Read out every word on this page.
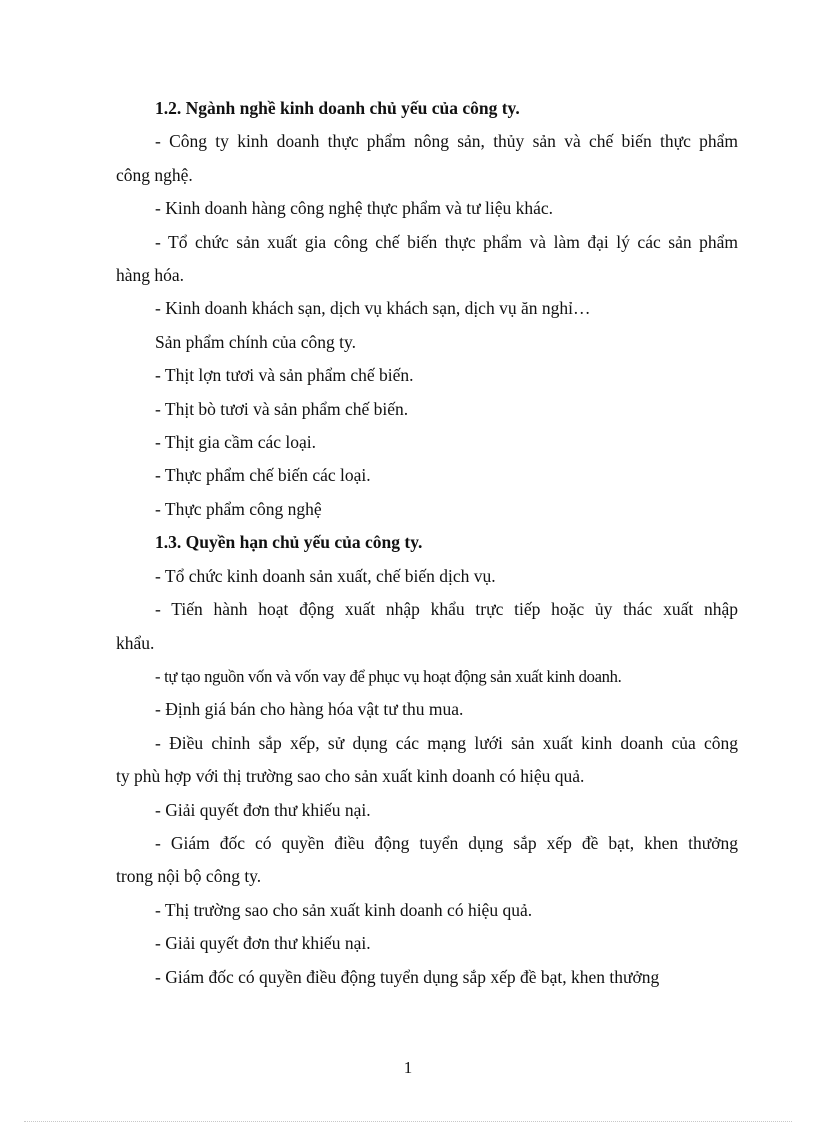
1.2. Ngành nghề kinh doanh chủ yếu của công ty.

- Công ty kinh doanh thực phẩm nông sản, thủy sản và chế biến thực phẩm

công nghệ.

- Kinh doanh hàng công nghệ thực phẩm và tư liệu khác.

- Tổ chức sản xuất gia công chế biến thực phẩm và làm đại lý các sản phẩm

hàng hóa.

- Kinh doanh khách sạn, dịch vụ khách sạn, dịch vụ ăn nghỉ…

Sản phẩm chính của công ty.

- Thịt lợn tươi và sản phẩm chế biến.

- Thịt bò tươi và sản phẩm chế biến.

- Thịt gia cầm các loại.

- Thực phẩm chế biến các loại.

- Thực phẩm công nghệ

1.3. Quyền hạn chủ yếu của công ty.

- Tổ chức kinh doanh sản xuất, chế biến dịch vụ.

- Tiến hành hoạt động xuất nhập khẩu trực tiếp hoặc ủy thác xuất nhập

khẩu.

- tự tạo nguồn vốn và vốn vay để phục vụ hoạt động sản xuất kinh doanh.

- Định giá bán cho hàng hóa vật tư thu mua.

- Điều chỉnh sắp xếp, sử dụng các mạng lưới sản xuất kinh doanh của công

ty phù hợp với thị trường sao cho sản xuất kinh doanh có hiệu quả.

- Giải quyết đơn thư khiếu nại.

- Giám đốc có quyền điều động tuyển dụng sắp xếp đề bạt, khen thưởng

trong nội bộ công ty.

- Thị trường sao cho sản xuất kinh doanh có hiệu quả.

- Giải quyết đơn thư khiếu nại.

- Giám đốc có quyền điều động tuyển dụng sắp xếp đề bạt, khen thưởng

1
